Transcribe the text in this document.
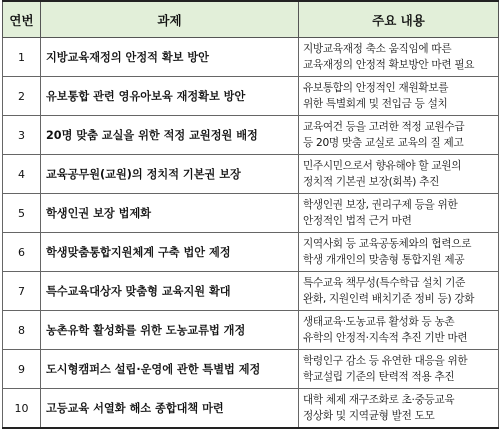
연번	과제	주요 내용
1	지방교육재정의 안정적 확보 방안	지방교육재정 축소 움직임에 따른
교육재정의 안정적 확보방안 마련 필요

2	유보통합 관련 영유아보육 재정확보 방안	유보통합의 안정적인 재원확보를
위한 특별회계 및 전입금 등 설치

3	20명 맞춤 교실을 위한 적정 교원정원 배정	교육여건 등을 고려한 적정 교원수급
등 20명 맞춤 교실로 교육의 질 제고

4	교육공무원(교원)의 정치적 기본권 보장	민주시민으로서 향유해야 할 교원의
정치적 기본권 보장(회복) 추진

5	학생인권 보장 법제화	학생인권 보장, 권리구제 등을 위한
안정적인 법적 근거 마련

6	학생맞춤통합지원체계 구축 법안 제정	지역사회 등 교육공동체와의 협력으로
학생 개개인의 맞춤형 통합지원 제공

7	특수교육대상자 맞춤형 교육지원 확대	특수교육 책무성(특수학급 설치 기준
완화, 지원인력 배치기준 정비 등) 강화

8	농촌유학 활성화를 위한 도농교류법 개정	생태교육·도농교류 활성화 등 농촌
유학의 안정적·지속적 추진 기반 마련

9	도시형캠퍼스 설립·운영에 관한 특별법 제정	학령인구 감소 등 유연한 대응을 위한
학교설립 기준의 탄력적 적용 추진

10	고등교육 서열화 해소 종합대책 마련	대학 체제 재구조화로 초·중등교육
정상화 및 지역균형 발전 도모
